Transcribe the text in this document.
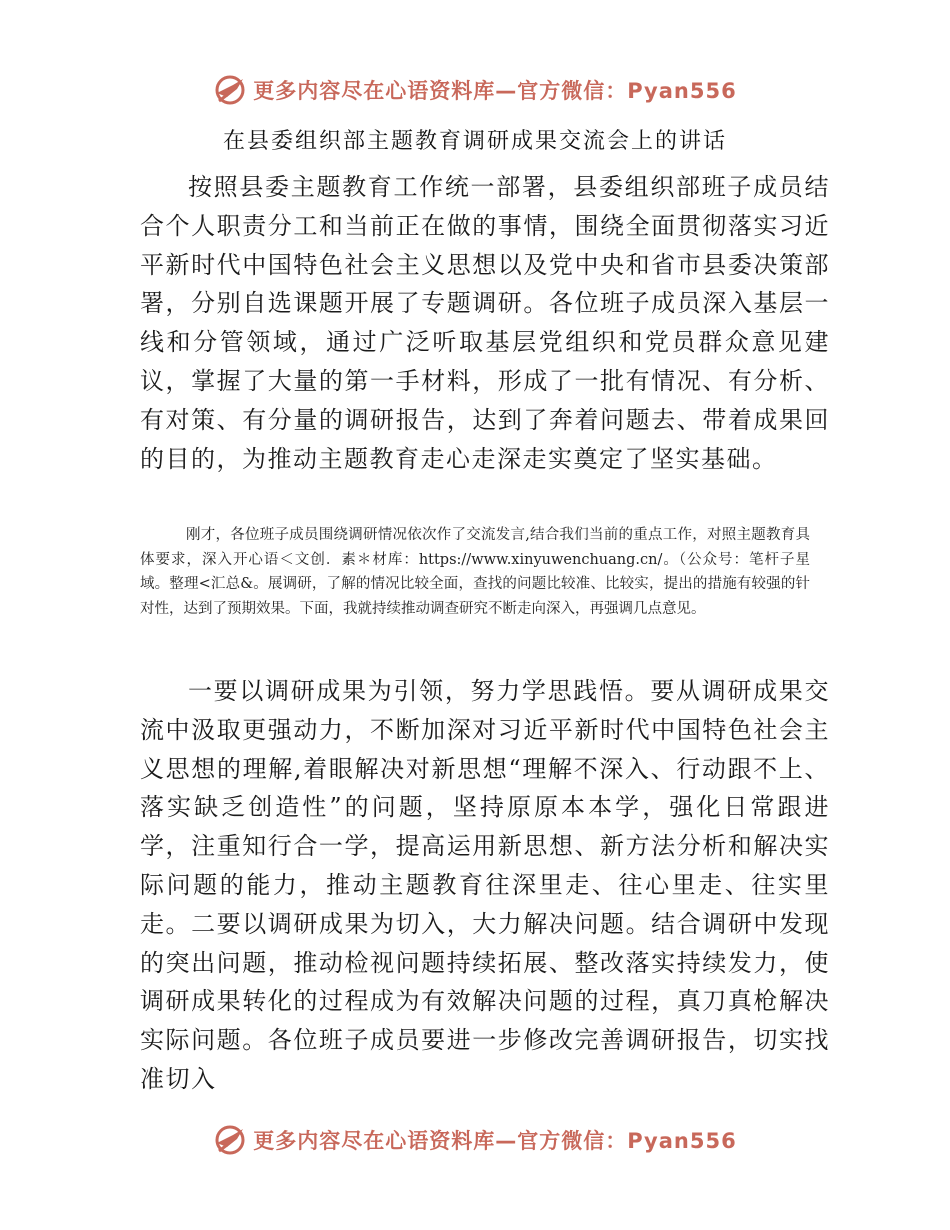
更多内容尽在心语资料库—官方微信：Pyan556
在县委组织部主题教育调研成果交流会上的讲话

按照县委主题教育工作统一部署，县委组织部班子成员结合个人职责分工和当前正在做的事情，围绕全面贯彻落实习近平新时代中国特色社会主义思想以及党中央和省市县委决策部署，分别自选课题开展了专题调研。各位班子成员深入基层一线和分管领域，通过广泛听取基层党组织和党员群众意见建议，掌握了大量的第一手材料，形成了一批有情况、有分析、有对策、有分量的调研报告，达到了奔着问题去、带着成果回的目的，为推动主题教育走心走深走实奠定了坚实基础。

刚才，各位班子成员围绕调研情况依次作了交流发言,结合我们当前的重点工作，对照主题教育具体要求，深入开心语＜文创．素＊材库：https://www.xinyuwenchuang.cn/。（公众号：笔杆子星域。整理<汇总&。展调研，了解的情况比较全面，查找的问题比较准、比较实，提出的措施有较强的针对性，达到了预期效果。下面，我就持续推动调查研究不断走向深入，再强调几点意见。

一要以调研成果为引领，努力学思践悟。要从调研成果交流中汲取更强动力，不断加深对习近平新时代中国特色社会主义思想的理解,着眼解决对新思想“理解不深入、行动跟不上、落实缺乏创造性”的问题，坚持原原本本学，强化日常跟进学，注重知行合一学，提高运用新思想、新方法分析和解决实际问题的能力，推动主题教育往深里走、往心里走、往实里走。二要以调研成果为切入，大力解决问题。结合调研中发现的突出问题，推动检视问题持续拓展、整改落实持续发力，使调研成果转化的过程成为有效解决问题的过程，真刀真枪解决实际问题。各位班子成员要进一步修改完善调研报告，切实找准切入

更多内容尽在心语资料库—官方微信：Pyan556
